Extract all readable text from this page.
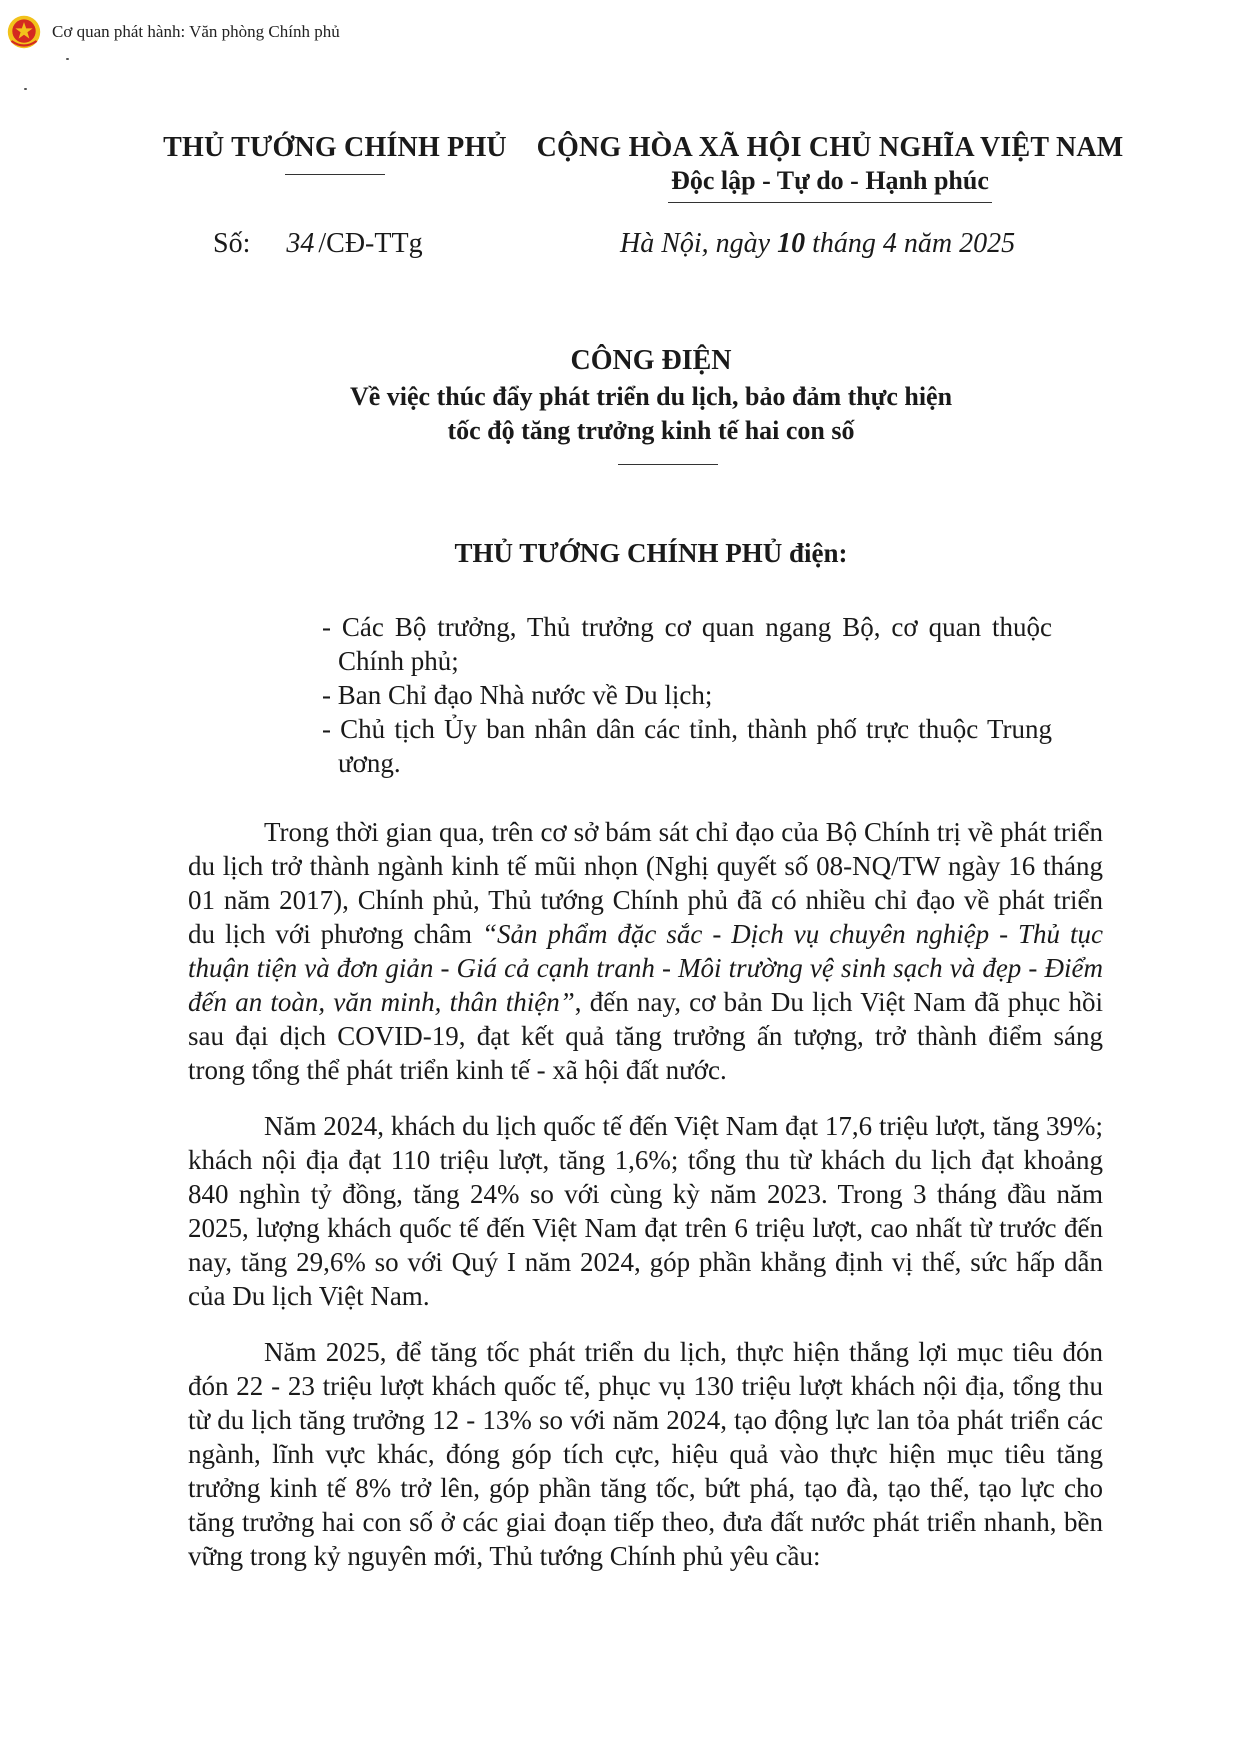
Cơ quan phát hành: Văn phòng Chính phủ
THỦ TƯỚNG CHÍNH PHỦ	CỘNG HÒA XÃ HỘI CHỦ NGHĨA VIỆT NAM
Độc lập - Tự do - Hạnh phúc
Số: 34 /CĐ-TTg	Hà Nội, ngày 10 tháng 4 năm 2025
CÔNG ĐIỆN
Về việc thúc đẩy phát triển du lịch, bảo đảm thực hiện
tốc độ tăng trưởng kinh tế hai con số
THỦ TƯỚNG CHÍNH PHỦ điện:
- Các Bộ trưởng, Thủ trưởng cơ quan ngang Bộ, cơ quan thuộc Chính phủ;
- Ban Chỉ đạo Nhà nước về Du lịch;
- Chủ tịch Ủy ban nhân dân các tỉnh, thành phố trực thuộc Trung ương.

Trong thời gian qua, trên cơ sở bám sát chỉ đạo của Bộ Chính trị về phát triển du lịch trở thành ngành kinh tế mũi nhọn (Nghị quyết số 08-NQ/TW ngày 16 tháng 01 năm 2017), Chính phủ, Thủ tướng Chính phủ đã có nhiều chỉ đạo về phát triển du lịch với phương châm “Sản phẩm đặc sắc - Dịch vụ chuyên nghiệp - Thủ tục thuận tiện và đơn giản - Giá cả cạnh tranh - Môi trường vệ sinh sạch và đẹp - Điểm đến an toàn, văn minh, thân thiện”, đến nay, cơ bản Du lịch Việt Nam đã phục hồi sau đại dịch COVID-19, đạt kết quả tăng trưởng ấn tượng, trở thành điểm sáng trong tổng thể phát triển kinh tế - xã hội đất nước.

Năm 2024, khách du lịch quốc tế đến Việt Nam đạt 17,6 triệu lượt, tăng 39%; khách nội địa đạt 110 triệu lượt, tăng 1,6%; tổng thu từ khách du lịch đạt khoảng 840 nghìn tỷ đồng, tăng 24% so với cùng kỳ năm 2023. Trong 3 tháng đầu năm 2025, lượng khách quốc tế đến Việt Nam đạt trên 6 triệu lượt, cao nhất từ trước đến nay, tăng 29,6% so với Quý I năm 2024, góp phần khẳng định vị thế, sức hấp dẫn của Du lịch Việt Nam.

Năm 2025, để tăng tốc phát triển du lịch, thực hiện thắng lợi mục tiêu đón đón 22 - 23 triệu lượt khách quốc tế, phục vụ 130 triệu lượt khách nội địa, tổng thu từ du lịch tăng trưởng 12 - 13% so với năm 2024, tạo động lực lan tỏa phát triển các ngành, lĩnh vực khác, đóng góp tích cực, hiệu quả vào thực hiện mục tiêu tăng trưởng kinh tế 8% trở lên, góp phần tăng tốc, bứt phá, tạo đà, tạo thế, tạo lực cho tăng trưởng hai con số ở các giai đoạn tiếp theo, đưa đất nước phát triển nhanh, bền vững trong kỷ nguyên mới, Thủ tướng Chính phủ yêu cầu:
